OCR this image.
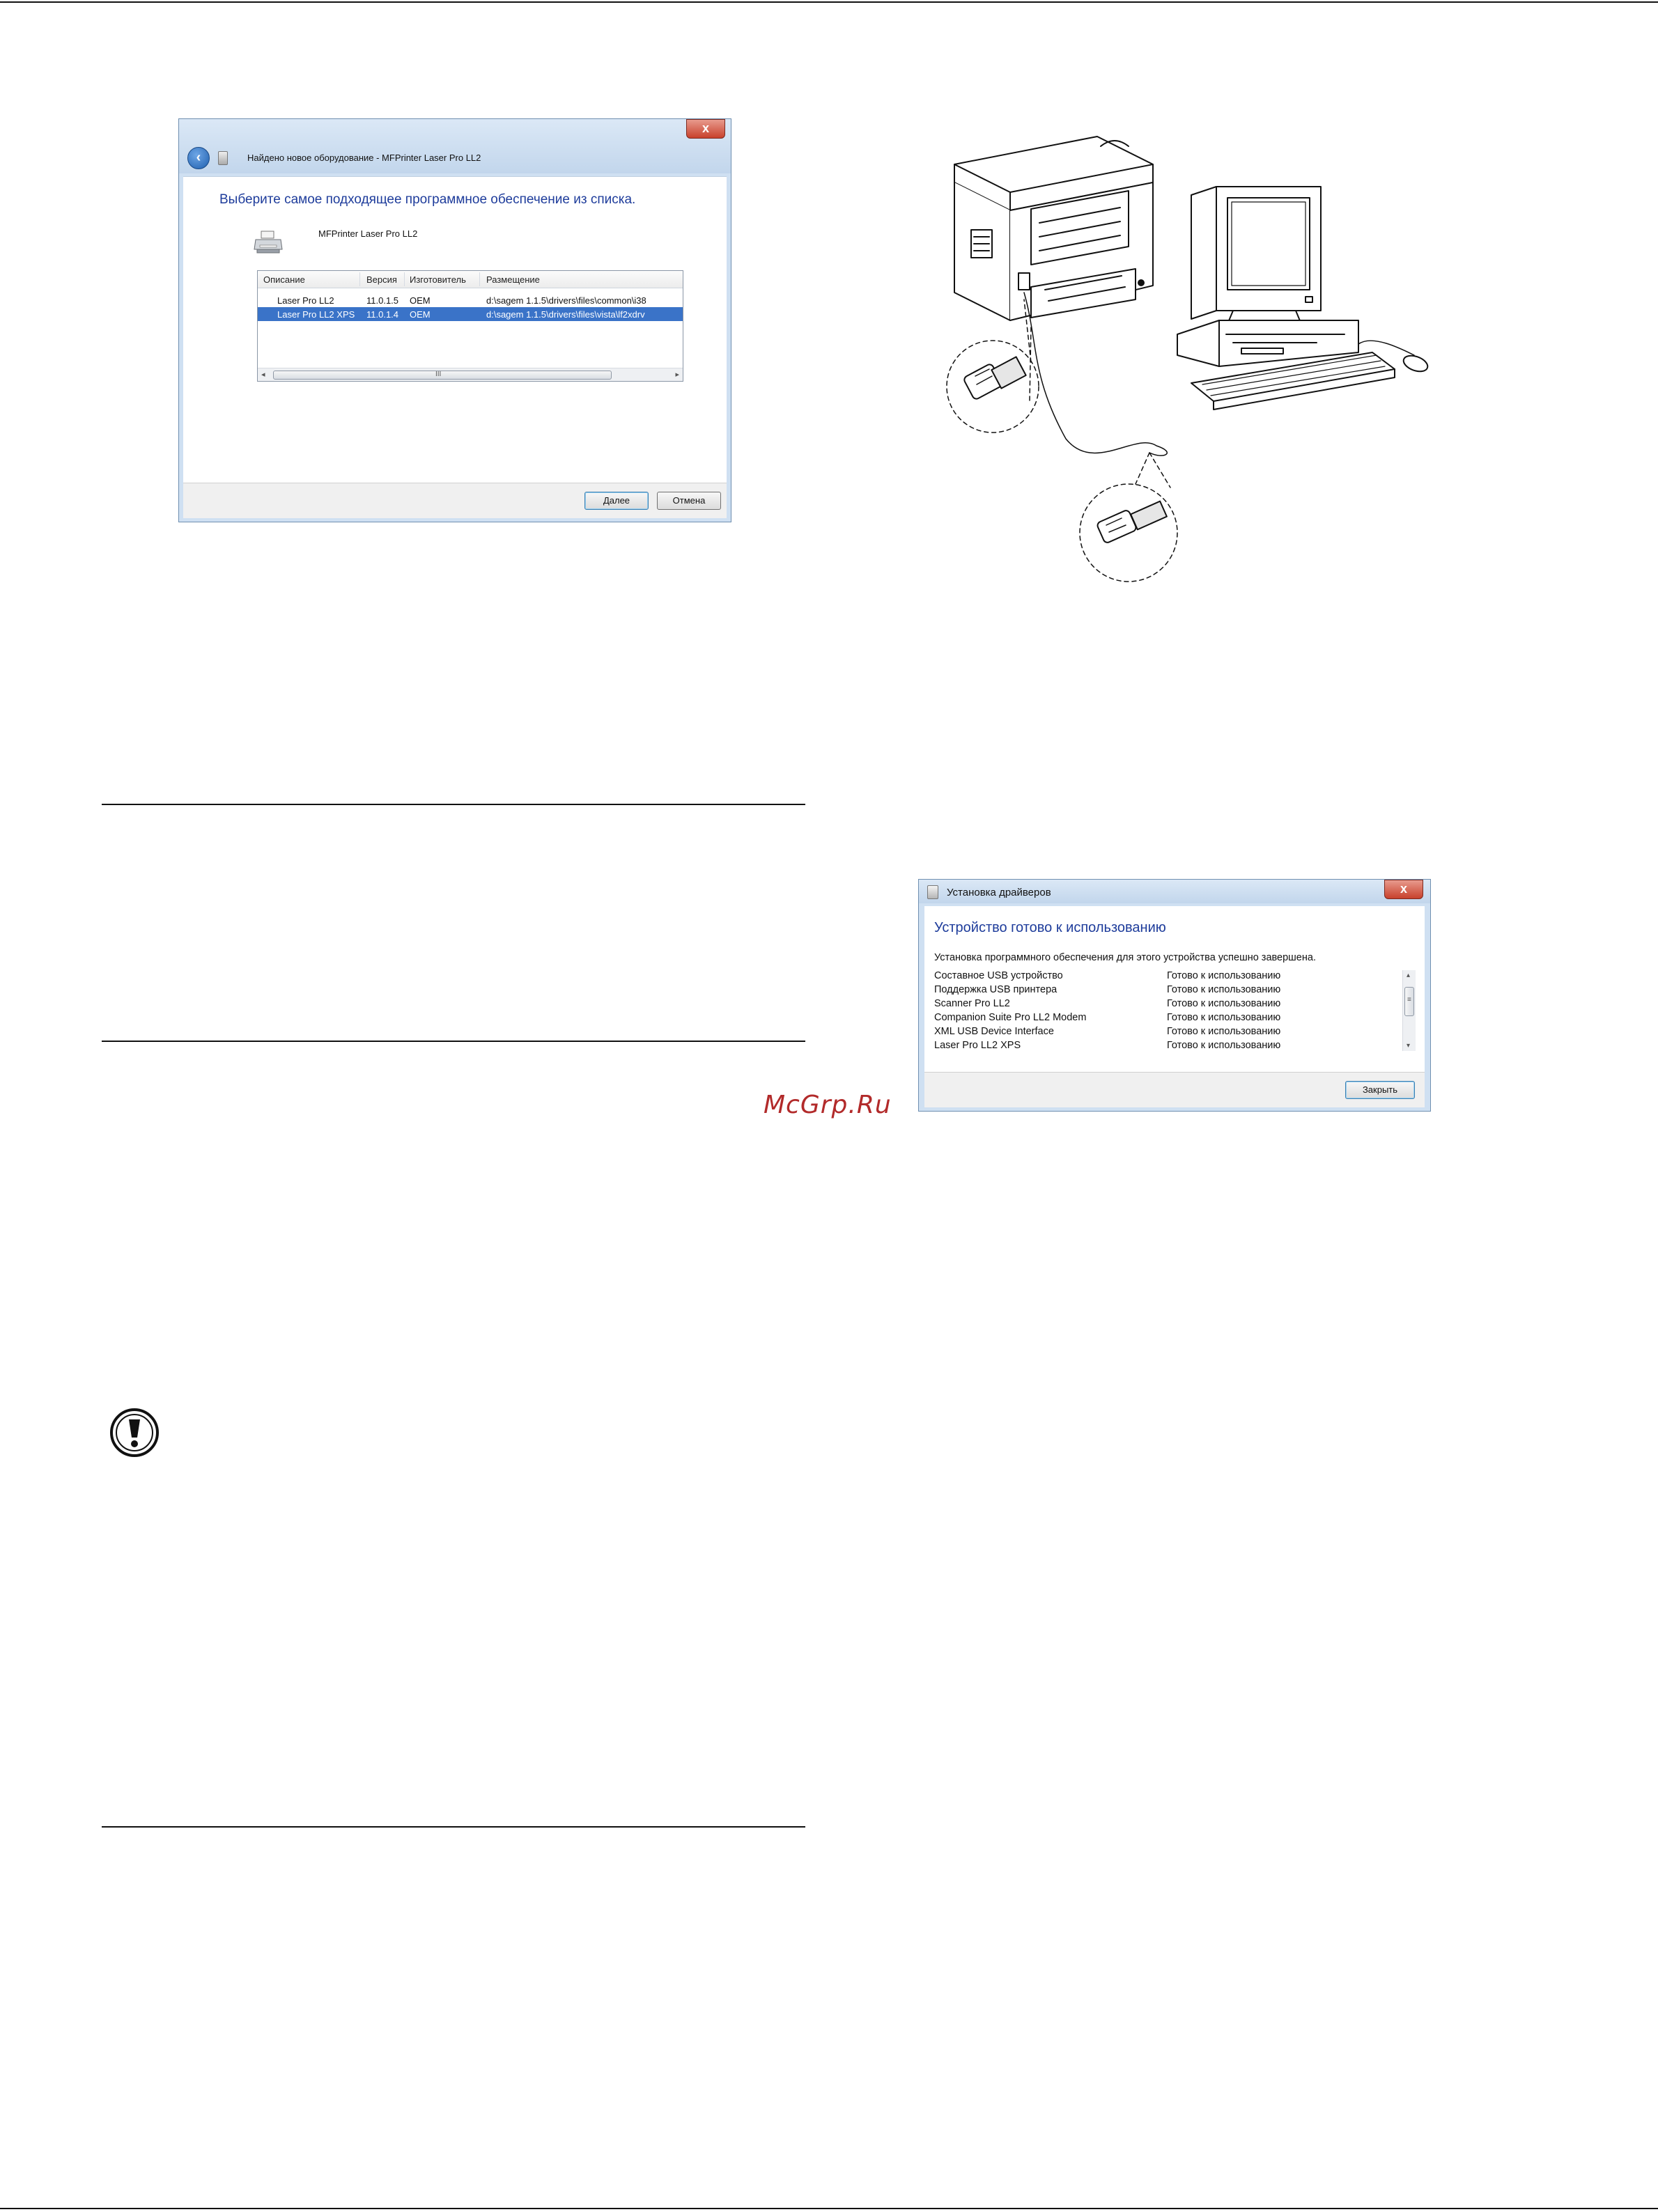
x
‹	Найдено новое оборудование - MFPrinter Laser Pro LL2
Выберите самое подходящее программное обеспечение из списка.
MFPrinter Laser Pro LL2
Описание	Версия Изготовитель Размещение
Laser Pro LL2	11.0.1.5 OEM	d:\sagem 1.1.5\drivers\files\common\i38
Laser Pro LL2 XPS 11.0.1.4 OEM	d:\sagem 1.1.5\drivers\files\vista\lf2xdrv
◂	III	▸
Далее	Отмена
Установка драйверов	x
Устройство готово к использованию
Установка программного обеспечения для этого устройства успешно завершена.
Составное USB устройство	Готово к использованию
Поддержка USB принтера	Готово к использованию
Scanner Pro LL2	Готово к использованию
Companion Suite Pro LL2 Modem	Готово к использованию
XML USB Device Interface	Готово к использованию
Laser Pro LL2 XPS	Готово к использованию
▴
≡
▾
Закрыть
McGrp.Ru
